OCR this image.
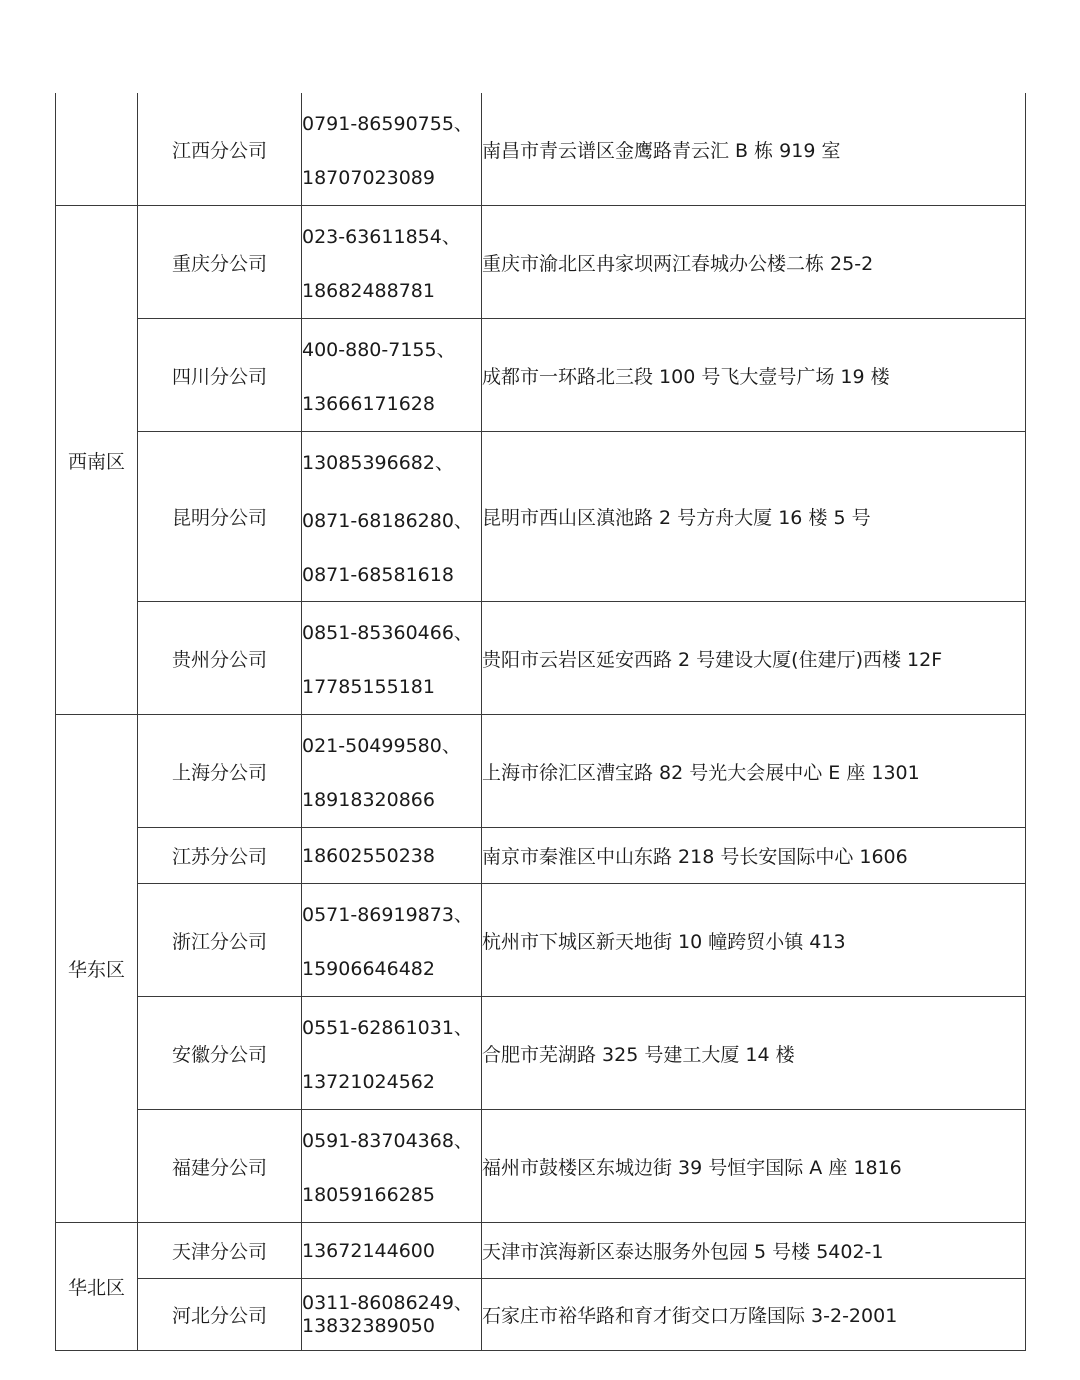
	江西分公司	0791-86590755、
18707023089	南昌市青云谱区金鹰路青云汇 B 栋 919 室
西南区	重庆分公司	023-63611854、
18682488781	重庆市渝北区冉家坝两江春城办公楼二栋 25-2
	四川分公司	400-880-7155、
13666171628	成都市一环路北三段 100 号飞大壹号广场 19 楼
	昆明分公司	13085396682、
0871-68186280、
0871-68581618	昆明市西山区滇池路 2 号方舟大厦 16 楼 5 号
	贵州分公司	0851-85360466、
17785155181	贵阳市云岩区延安西路 2 号建设大厦(住建厅)西楼 12F
华东区	上海分公司	021-50499580、
18918320866	上海市徐汇区漕宝路 82 号光大会展中心 E 座 1301
	江苏分公司	18602550238	南京市秦淮区中山东路 218 号长安国际中心 1606
	浙江分公司	0571-86919873、
15906646482	杭州市下城区新天地街 10 幢跨贸小镇 413
	安徽分公司	0551-62861031、
13721024562	合肥市芜湖路 325 号建工大厦 14 楼
	福建分公司	0591-83704368、
18059166285	福州市鼓楼区东城边街 39 号恒宇国际 A 座 1816
华北区	天津分公司	13672144600	天津市滨海新区泰达服务外包园 5 号楼 5402-1
	河北分公司	0311-86086249、
13832389050	石家庄市裕华路和育才街交口万隆国际 3-2-2001
